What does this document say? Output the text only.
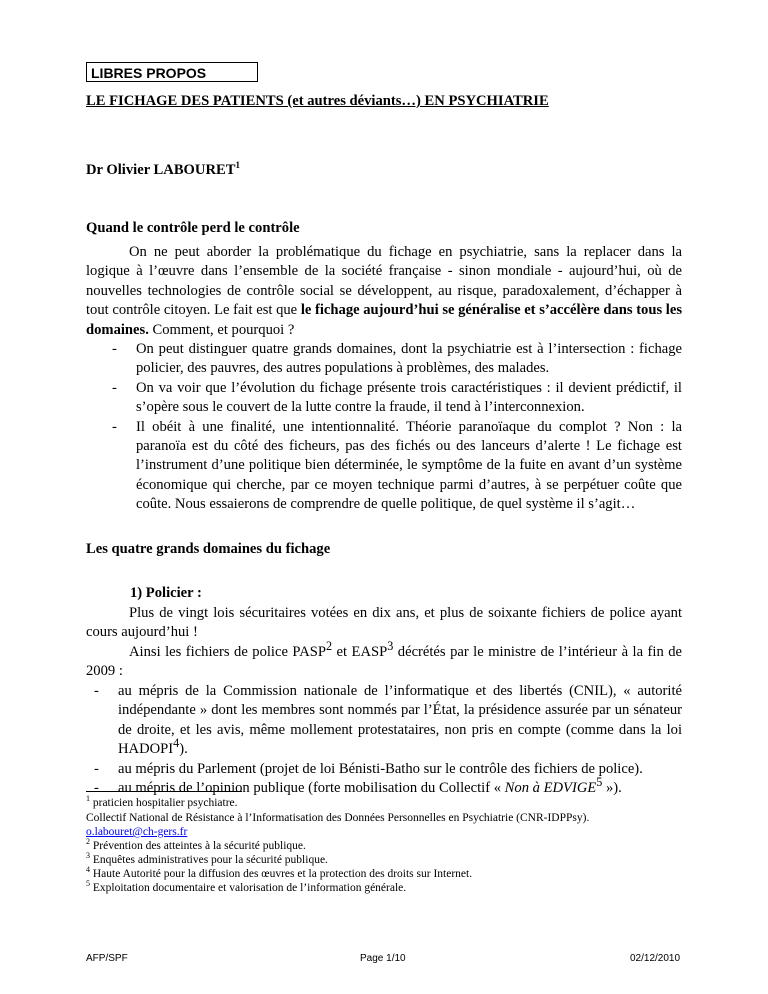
LIBRES PROPOS
LE FICHAGE DES PATIENTS (et autres déviants…) EN PSYCHIATRIE
Dr Olivier LABOURET$^1$
Quand le contrôle perd le contrôle
On ne peut aborder la problématique du fichage en psychiatrie, sans la replacer dans la logique à l’œuvre dans l’ensemble de la société française - sinon mondiale - aujourd’hui, où de nouvelles technologies de contrôle social se développent, au risque, paradoxalement, d’échapper à tout contrôle citoyen. Le fait est que le fichage aujourd’hui se généralise et s’accélère dans tous les domaines. Comment, et pourquoi ?
- On peut distinguer quatre grands domaines, dont la psychiatrie est à l’intersection : fichage policier, des pauvres, des autres populations à problèmes, des malades.
- On va voir que l’évolution du fichage présente trois caractéristiques : il devient prédictif, il s’opère sous le couvert de la lutte contre la fraude, il tend à l’interconnexion.
- Il obéit à une finalité, une intentionnalité. Théorie paranoïaque du complot ? Non : la paranoïa est du côté des ficheurs, pas des fichés ou des lanceurs d’alerte ! Le fichage est l’instrument d’une politique bien déterminée, le symptôme de la fuite en avant d’un système économique qui cherche, par ce moyen technique parmi d’autres, à se perpétuer coûte que coûte. Nous essaierons de comprendre de quelle politique, de quel système il s’agit…
Les quatre grands domaines du fichage
1) Policier :
Plus de vingt lois sécuritaires votées en dix ans, et plus de soixante fichiers de police ayant cours aujourd’hui !
Ainsi les fichiers de police PASP$^2$ et EASP$^3$ décrétés par le ministre de l’intérieur à la fin de 2009 :
- au mépris de la Commission nationale de l’informatique et des libertés (CNIL), « autorité indépendante » dont les membres sont nommés par l’État, la présidence assurée par un sénateur de droite, et les avis, même mollement protestataires, non pris en compte (comme dans la loi HADOPI$^4$).
- au mépris du Parlement (projet de loi Bénisti-Batho sur le contrôle des fichiers de police).
- au mépris de l’opinion publique (forte mobilisation du Collectif « Non à EDVIGE$^5$ »).
$^1$ praticien hospitalier psychiatre.
Collectif National de Résistance à l’Informatisation des Données Personnelles en Psychiatrie (CNR-IDPPsy).
o.labouret@ch-gers.fr
$^2$ Prévention des atteintes à la sécurité publique.
$^3$ Enquêtes administratives pour la sécurité publique.
$^4$ Haute Autorité pour la diffusion des œuvres et la protection des droits sur Internet.
$^5$ Exploitation documentaire et valorisation de l’information générale.
AFP/SPF	Page 1/10	02/12/2010
